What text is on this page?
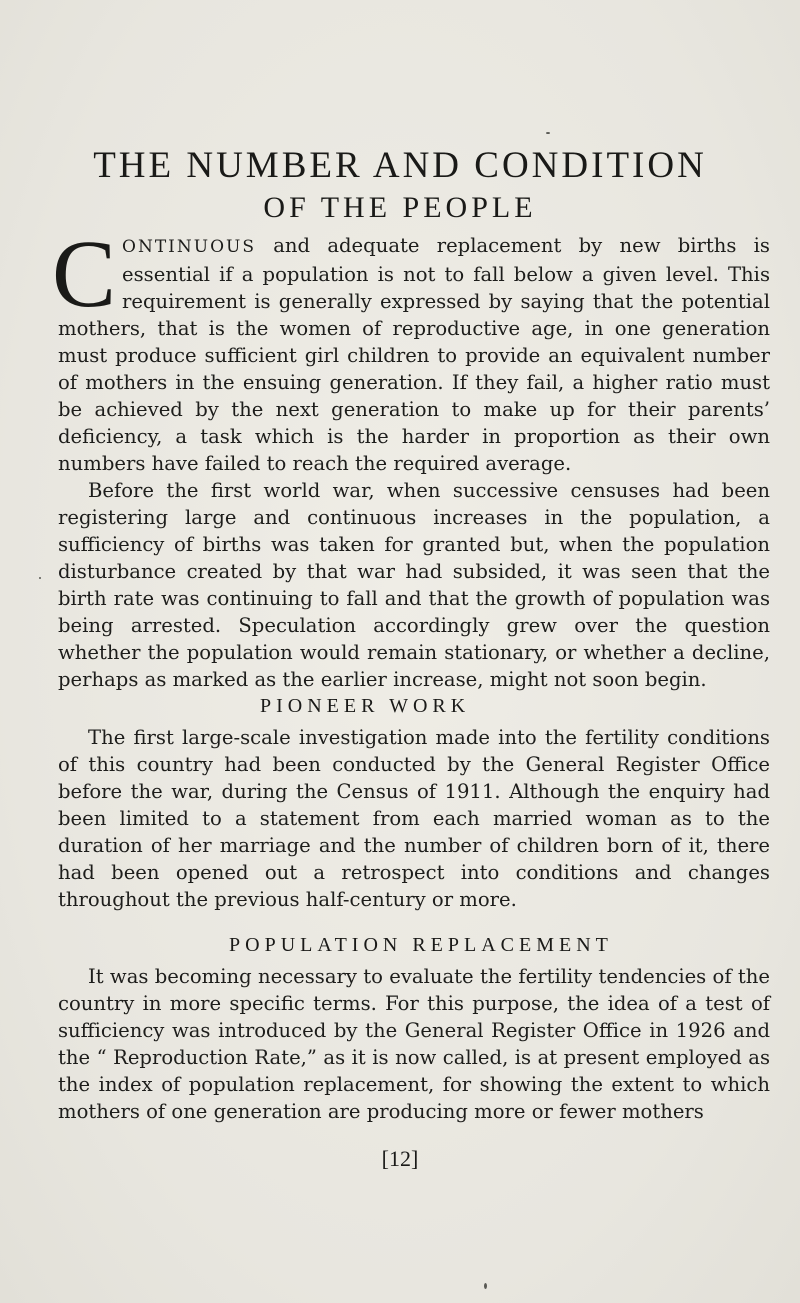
THE NUMBER AND CONDITION
OF THE PEOPLE

CONTINUOUS and adequate replacement by new births is essential if a population is not to fall below a given level. This requirement is generally expressed by saying that the potential mothers, that is the women of reproductive age, in one generation must produce sufficient girl children to provide an equivalent number of mothers in the ensuing generation. If they fail, a higher ratio must be achieved by the next generation to make up for their parents’ deficiency, a task which is the harder in proportion as their own numbers have failed to reach the required average.

Before the first world war, when successive censuses had been registering large and continuous increases in the population, a sufficiency of births was taken for granted but, when the population disturbance created by that war had subsided, it was seen that the birth rate was continuing to fall and that the growth of population was being arrested. Speculation accordingly grew over the question whether the population would remain stationary, or whether a decline, perhaps as marked as the earlier increase, might not soon begin.

PIONEER WORK

The first large-scale investigation made into the fertility conditions of this country had been conducted by the General Register Office before the war, during the Census of 1911. Although the enquiry had been limited to a statement from each married woman as to the duration of her marriage and the number of children born of it, there had been opened out a retrospect into conditions and changes throughout the previous half-century or more.

POPULATION REPLACEMENT

It was becoming necessary to evaluate the fertility tendencies of the country in more specific terms. For this purpose, the idea of a test of sufficiency was introduced by the General Register Office in 1926 and the “ Reproduction Rate,” as it is now called, is at present employed as the index of population replacement, for showing the extent to which mothers of one generation are producing more or fewer mothers

[12]
